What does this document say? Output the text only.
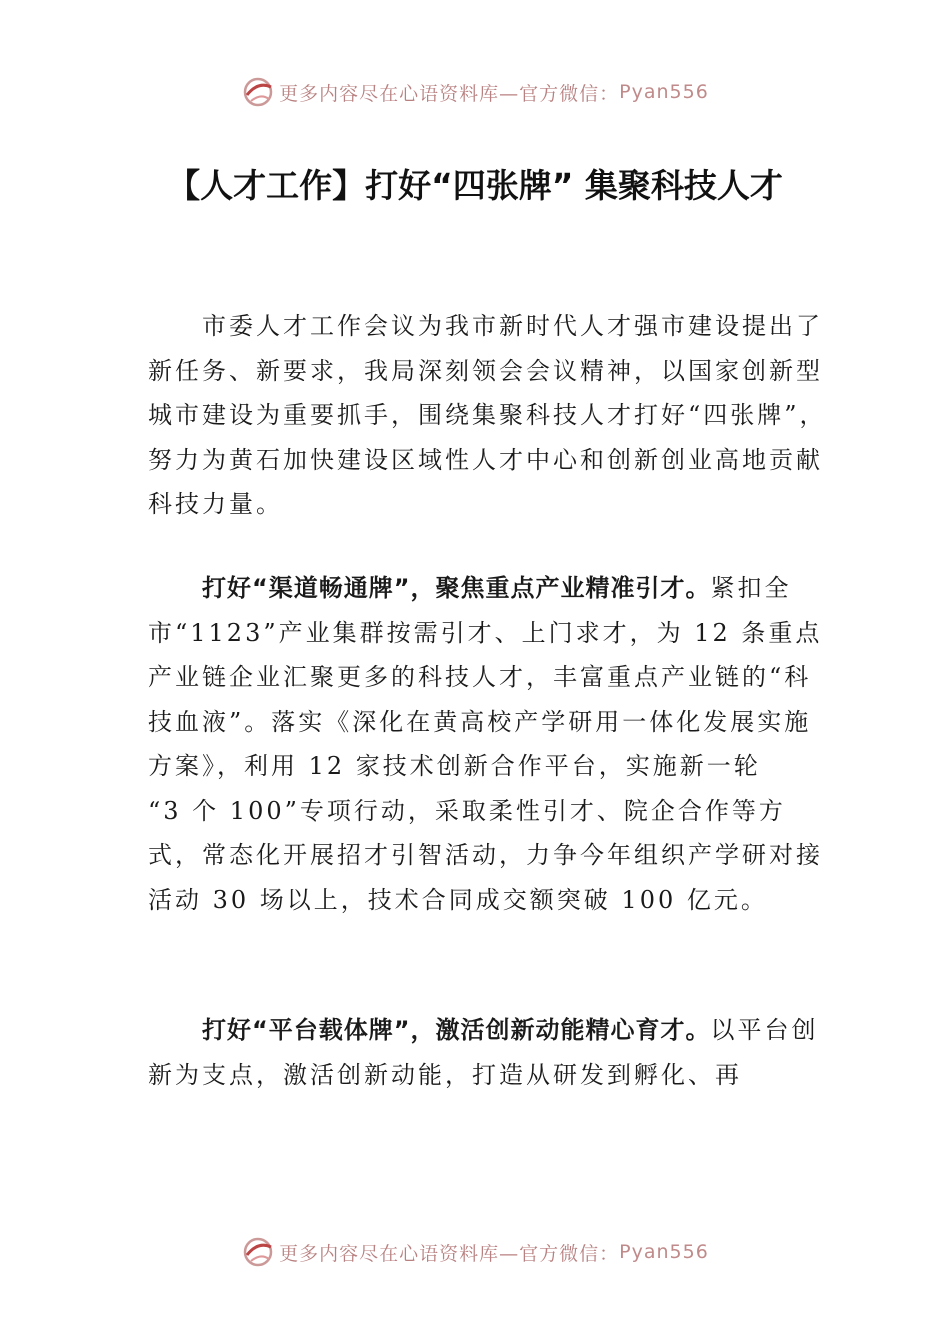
更多内容尽在心语资料库—官方微信： Pyan556
【人才工作】打好“四张牌” 集聚科技人才

市委人才工作会议为我市新时代人才强市建设提出了新任务、新要求，我局深刻领会会议精神，以国家创新型城市建设为重要抓手，围绕集聚科技人才打好“四张牌”，努力为黄石加快建设区域性人才中心和创新创业高地贡献科技力量。

打好“渠道畅通牌”，聚焦重点产业精准引才。紧扣全市“1123”产业集群按需引才、上门求才，为 12 条重点产业链企业汇聚更多的科技人才，丰富重点产业链的“科技血液”。落实《深化在黄高校产学研用一体化发展实施方案》，利用 12 家技术创新合作平台，实施新一轮
“3 个 100”专项行动，采取柔性引才、院企合作等方式，常态化开展招才引智活动，力争今年组织产学研对接活动 30 场以上，技术合同成交额突破 100 亿元。

打好“平台载体牌”，激活创新动能精心育才。以平台创新为支点，激活创新动能，打造从研发到孵化、再

更多内容尽在心语资料库—官方微信： Pyan556
